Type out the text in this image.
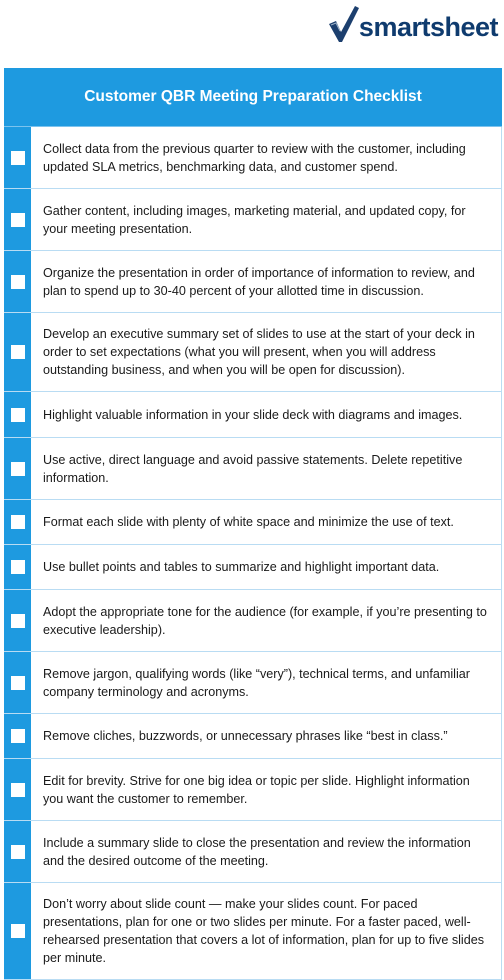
smartsheet
Customer QBR Meeting Preparation Checklist
Collect data from the previous quarter to review with the customer, including updated SLA metrics, benchmarking data, and customer spend.
Gather content, including images, marketing material, and updated copy, for your meeting presentation.
Organize the presentation in order of importance of information to review, and plan to spend up to 30-40 percent of your allotted time in discussion.
Develop an executive summary set of slides to use at the start of your deck in order to set expectations (what you will present, when you will address outstanding business, and when you will be open for discussion).
Highlight valuable information in your slide deck with diagrams and images.
Use active, direct language and avoid passive statements. Delete repetitive information.
Format each slide with plenty of white space and minimize the use of text.
Use bullet points and tables to summarize and highlight important data.
Adopt the appropriate tone for the audience (for example, if you’re presenting to executive leadership).
Remove jargon, qualifying words (like “very”), technical terms, and unfamiliar company terminology and acronyms.
Remove cliches, buzzwords, or unnecessary phrases like “best in class.”
Edit for brevity. Strive for one big idea or topic per slide. Highlight information you want the customer to remember.
Include a summary slide to close the presentation and review the information and the desired outcome of the meeting.
Don’t worry about slide count — make your slides count. For paced presentations, plan for one or two slides per minute. For a faster paced, well-rehearsed presentation that covers a lot of information, plan for up to five slides per minute.
